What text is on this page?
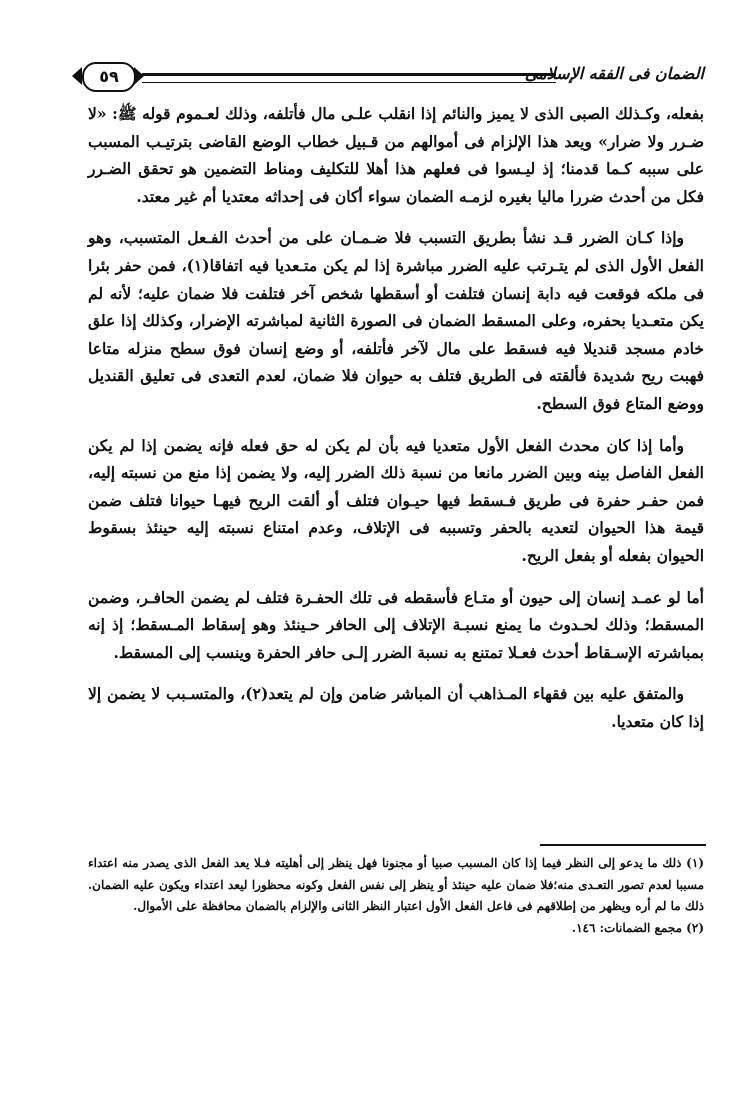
٥٩	الضمان فى الفقه الإسلامى

بفعله، وكـذلك الصبى الذى لا يميز والنائم إذا انقلب علـى مال فأتلفه، وذلك لعـموم قوله ﷺ: «لا ضـرر ولا ضرار» ويعد هذا الإلزام فى أموالهم من قـبيل خطاب الوضع القاضى بترتيـب المسبب على سببه كـما قدمنا؛ إذ ليـسوا فى فعلهم هذا أهلا للتكليف ومناط التضمين هو تحقق الضـرر فكل من أحدث ضررا ماليا بغيره لزمـه الضمان سواء أكان فى إحداثه معتديا أم غير معتد.

وإذا كـان الضرر قـد نشأ بطريق التسبب فلا ضـمـان على من أحدث الفـعل المتسبب، وهو الفعل الأول الذى لم يتـرتب عليه الضرر مباشرة إذا لم يكن متـعديا فيه اتفاقا(١)، فمن حفر بئرا فى ملكه فوقعت فيه دابة إنسان فتلفت أو أسقطها شخص آخر فتلفت فلا ضمان عليه؛ لأنه لم يكن متعـديا بحفره، وعلى المسقط الضمان فى الصورة الثانية لمباشرته الإضرار، وكذلك إذا علق خادم مسجد قنديلا فيه فسقط على مال لآخر فأتلفه، أو وضع إنسان فوق سطح منزله متاعا فهبت ريح شديدة فألقته فى الطريق فتلف به حيوان فلا ضمان، لعدم التعدى فى تعليق القنديل ووضع المتاع فوق السطح.

وأما إذا كان محدث الفعل الأول متعديا فيه بأن لم يكن له حق فعله فإنه يضمن إذا لم يكن الفعل الفاصل بينه وبين الضرر مانعا من نسبة ذلك الضرر إليه، ولا يضمن إذا منع من نسبته إليه، فمن حفـر حفرة فى طريق فـسقط فيها حيـوان فتلف أو ألقت الريح فيهـا حيوانا فتلف ضمن قيمة هذا الحيوان لتعديه بالحفر وتسببه فى الإتلاف، وعدم امتناع نسبته إليه حينئذ بسقوط الحيوان بفعله أو بفعل الريح.

أما لو عمـد إنسان إلى حيون أو متـاع فأسقطه فى تلك الحفـرة فتلف لم يضمن الحافـر، وضمن المسقط؛ وذلك لحـدوث ما يمنع نسبـة الإتلاف إلى الحافر حـينئذ وهو إسقاط المـسقط؛ إذ إنه بمباشرته الإسـقاط أحدث فعـلا تمتنع به نسبة الضرر إلـى حافر الحفرة وينسب إلى المسقط.

والمتفق عليه بين فقهاء المـذاهب أن المباشر ضامن وإن لم يتعد(٢)، والمتسـبب لا يضمن إلا إذا كان متعديا.

(١) ذلك ما يدعو إلى النظر فيما إذا كان المسبب صبيا أو مجنونا فهل ينظر إلى أهليته فـلا يعد الفعل الذى يصدر منه اعتداء مسببا لعدم تصور التعـدى منه؛فلا ضمان عليه حينئذ أو ينظر إلى نفس الفعل وكونه محظورا ليعد اعتداء ويكون عليه الضمان. ذلك ما لم أره ويظهر من إطلاقهم فى فاعل الفعل الأول اعتبار النظر الثانى والإلزام بالضمان محافظة على الأموال.

(٢) مجمع الضمانات: ١٤٦.
